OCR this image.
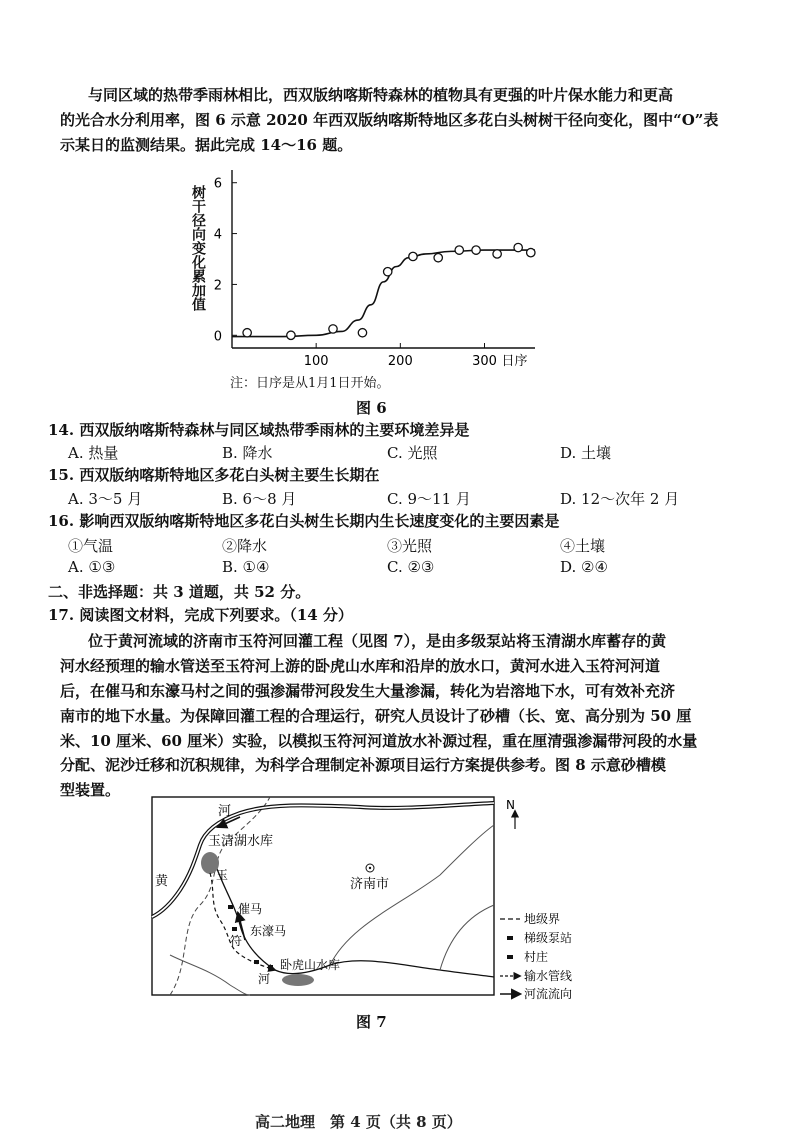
与同区域的热带季雨林相比，西双版纳喀斯特森林的植物具有更强的叶片保水能力和更高
的光合水分利用率，图 6 示意 2020 年西双版纳喀斯特地区多花白头树树干径向变化，图中“O”表
示某日的监测结果。据此完成 14～16 题。
树干径向变化累加值
0
2
4
6
100	200	300 日序
注：日序是从1月1日开始。
图 6
14. 西双版纳喀斯特森林与同区域热带季雨林的主要环境差异是
A. 热量	B. 降水	C. 光照	D. 土壤
15. 西双版纳喀斯特地区多花白头树主要生长期在
A. 3～5 月	B. 6～8 月	C. 9～11 月	D. 12～次年 2 月
16. 影响西双版纳喀斯特地区多花白头树生长期内生长速度变化的主要因素是
①气温	②降水	③光照	④土壤
A. ①③	B. ①④	C. ②③	D. ②④
二、非选择题：共 3 道题，共 52 分。
17. 阅读图文材料，完成下列要求。（14 分）
位于黄河流域的济南市玉符河回灌工程（见图 7），是由多级泵站将玉清湖水库蓄存的黄
河水经预理的输水管送至玉符河上游的卧虎山水库和沿岸的放水口，黄河水进入玉符河河道
后，在催马和东濠马村之间的强渗漏带河段发生大量渗漏，转化为岩溶地下水，可有效补充济
南市的地下水量。为保障回灌工程的合理运行，研究人员设计了砂槽（长、宽、高分别为 50 厘
米、10 厘米、60 厘米）实验，以模拟玉符河河道放水补源过程，重在厘清强渗漏带河段的水量
分配、泥沙迁移和沉积规律，为科学合理制定补源项目运行方案提供参考。图 8 示意砂槽模
型装置。
河
黄
玉清湖水库
玉
符
河
催马
东濠马
卧虎山水库
济南市
N
地级界
梯级泵站
村庄
输水管线
河流流向
图 7
高二地理　第 4 页（共 8 页）
